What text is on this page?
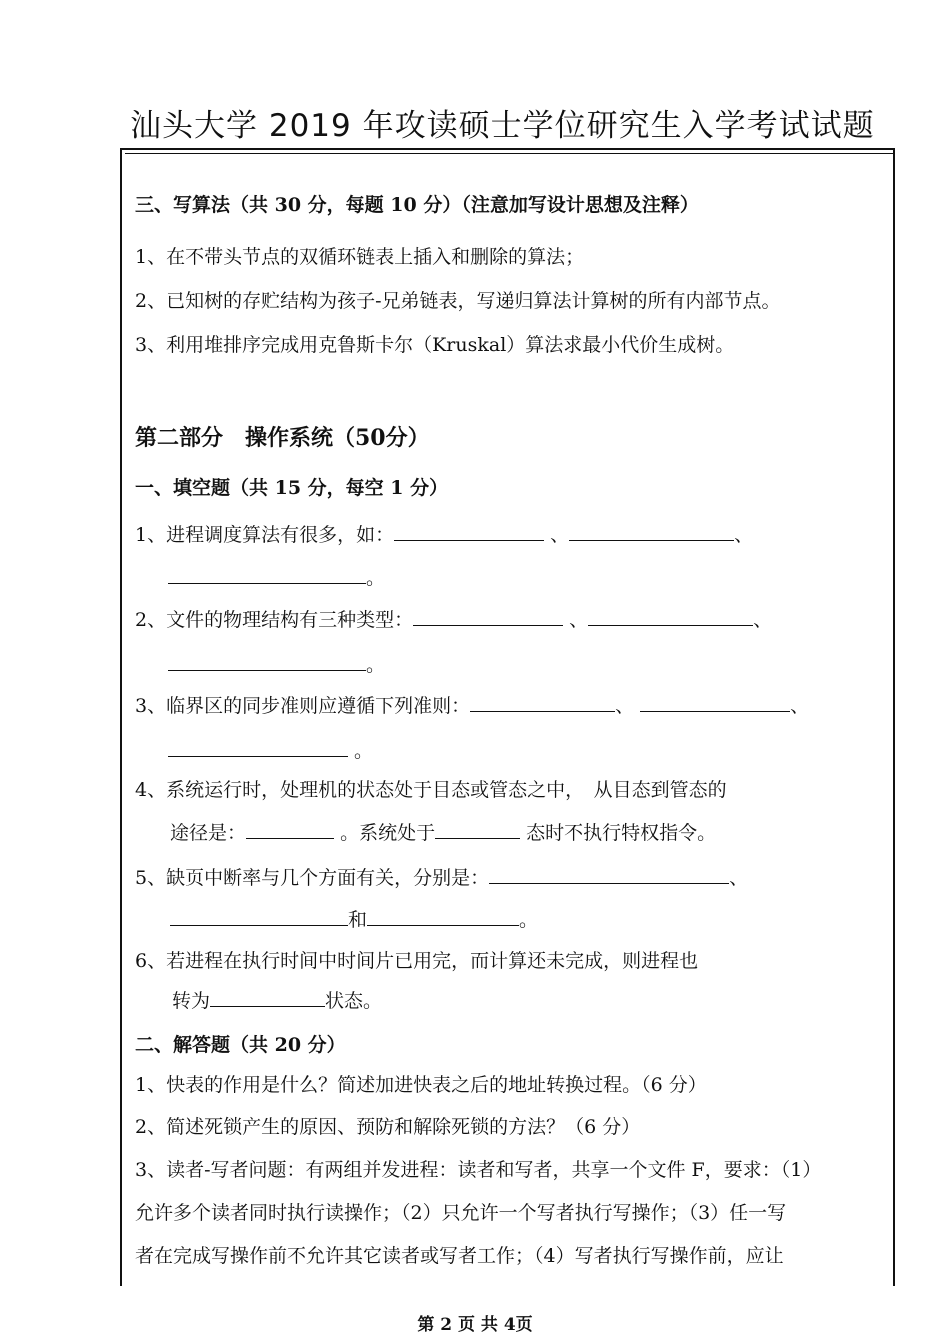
汕头大学 2019 年攻读硕士学位研究生入学考试试题
三、写算法（共 30 分，每题 10 分）（注意加写设计思想及注释）
1、在不带头节点的双循环链表上插入和删除的算法；
2、已知树的存贮结构为孩子-兄弟链表，写递归算法计算树的所有内部节点。
3、利用堆排序完成用克鲁斯卡尔（Kruskal）算法求最小代价生成树。
第二部分　操作系统（50分）
一、填空题（共 15 分，每空 1 分）
1、进程调度算法有很多，如：	、	、
。
2、文件的物理结构有三种类型：	、	、
。
3、临界区的同步准则应遵循下列准则：	、	、
。
4、系统运行时，处理机的状态处于目态或管态之中，　从目态到管态的
途径是：	。系统处于	态时不执行特权指令。
5、缺页中断率与几个方面有关，分别是：	、
和	。
6、若进程在执行时间中时间片已用完，而计算还未完成，则进程也
转为	状态。
二、解答题（共 20 分）
1、快表的作用是什么？简述加进快表之后的地址转换过程。（6 分）
2、简述死锁产生的原因、预防和解除死锁的方法？（6 分）
3、读者-写者问题：有两组并发进程：读者和写者，共享一个文件 F，要求：（1）
允许多个读者同时执行读操作；（2）只允许一个写者执行写操作；（3）任一写
者在完成写操作前不允许其它读者或写者工作；（4）写者执行写操作前，应让
第 2 页 共 4页
